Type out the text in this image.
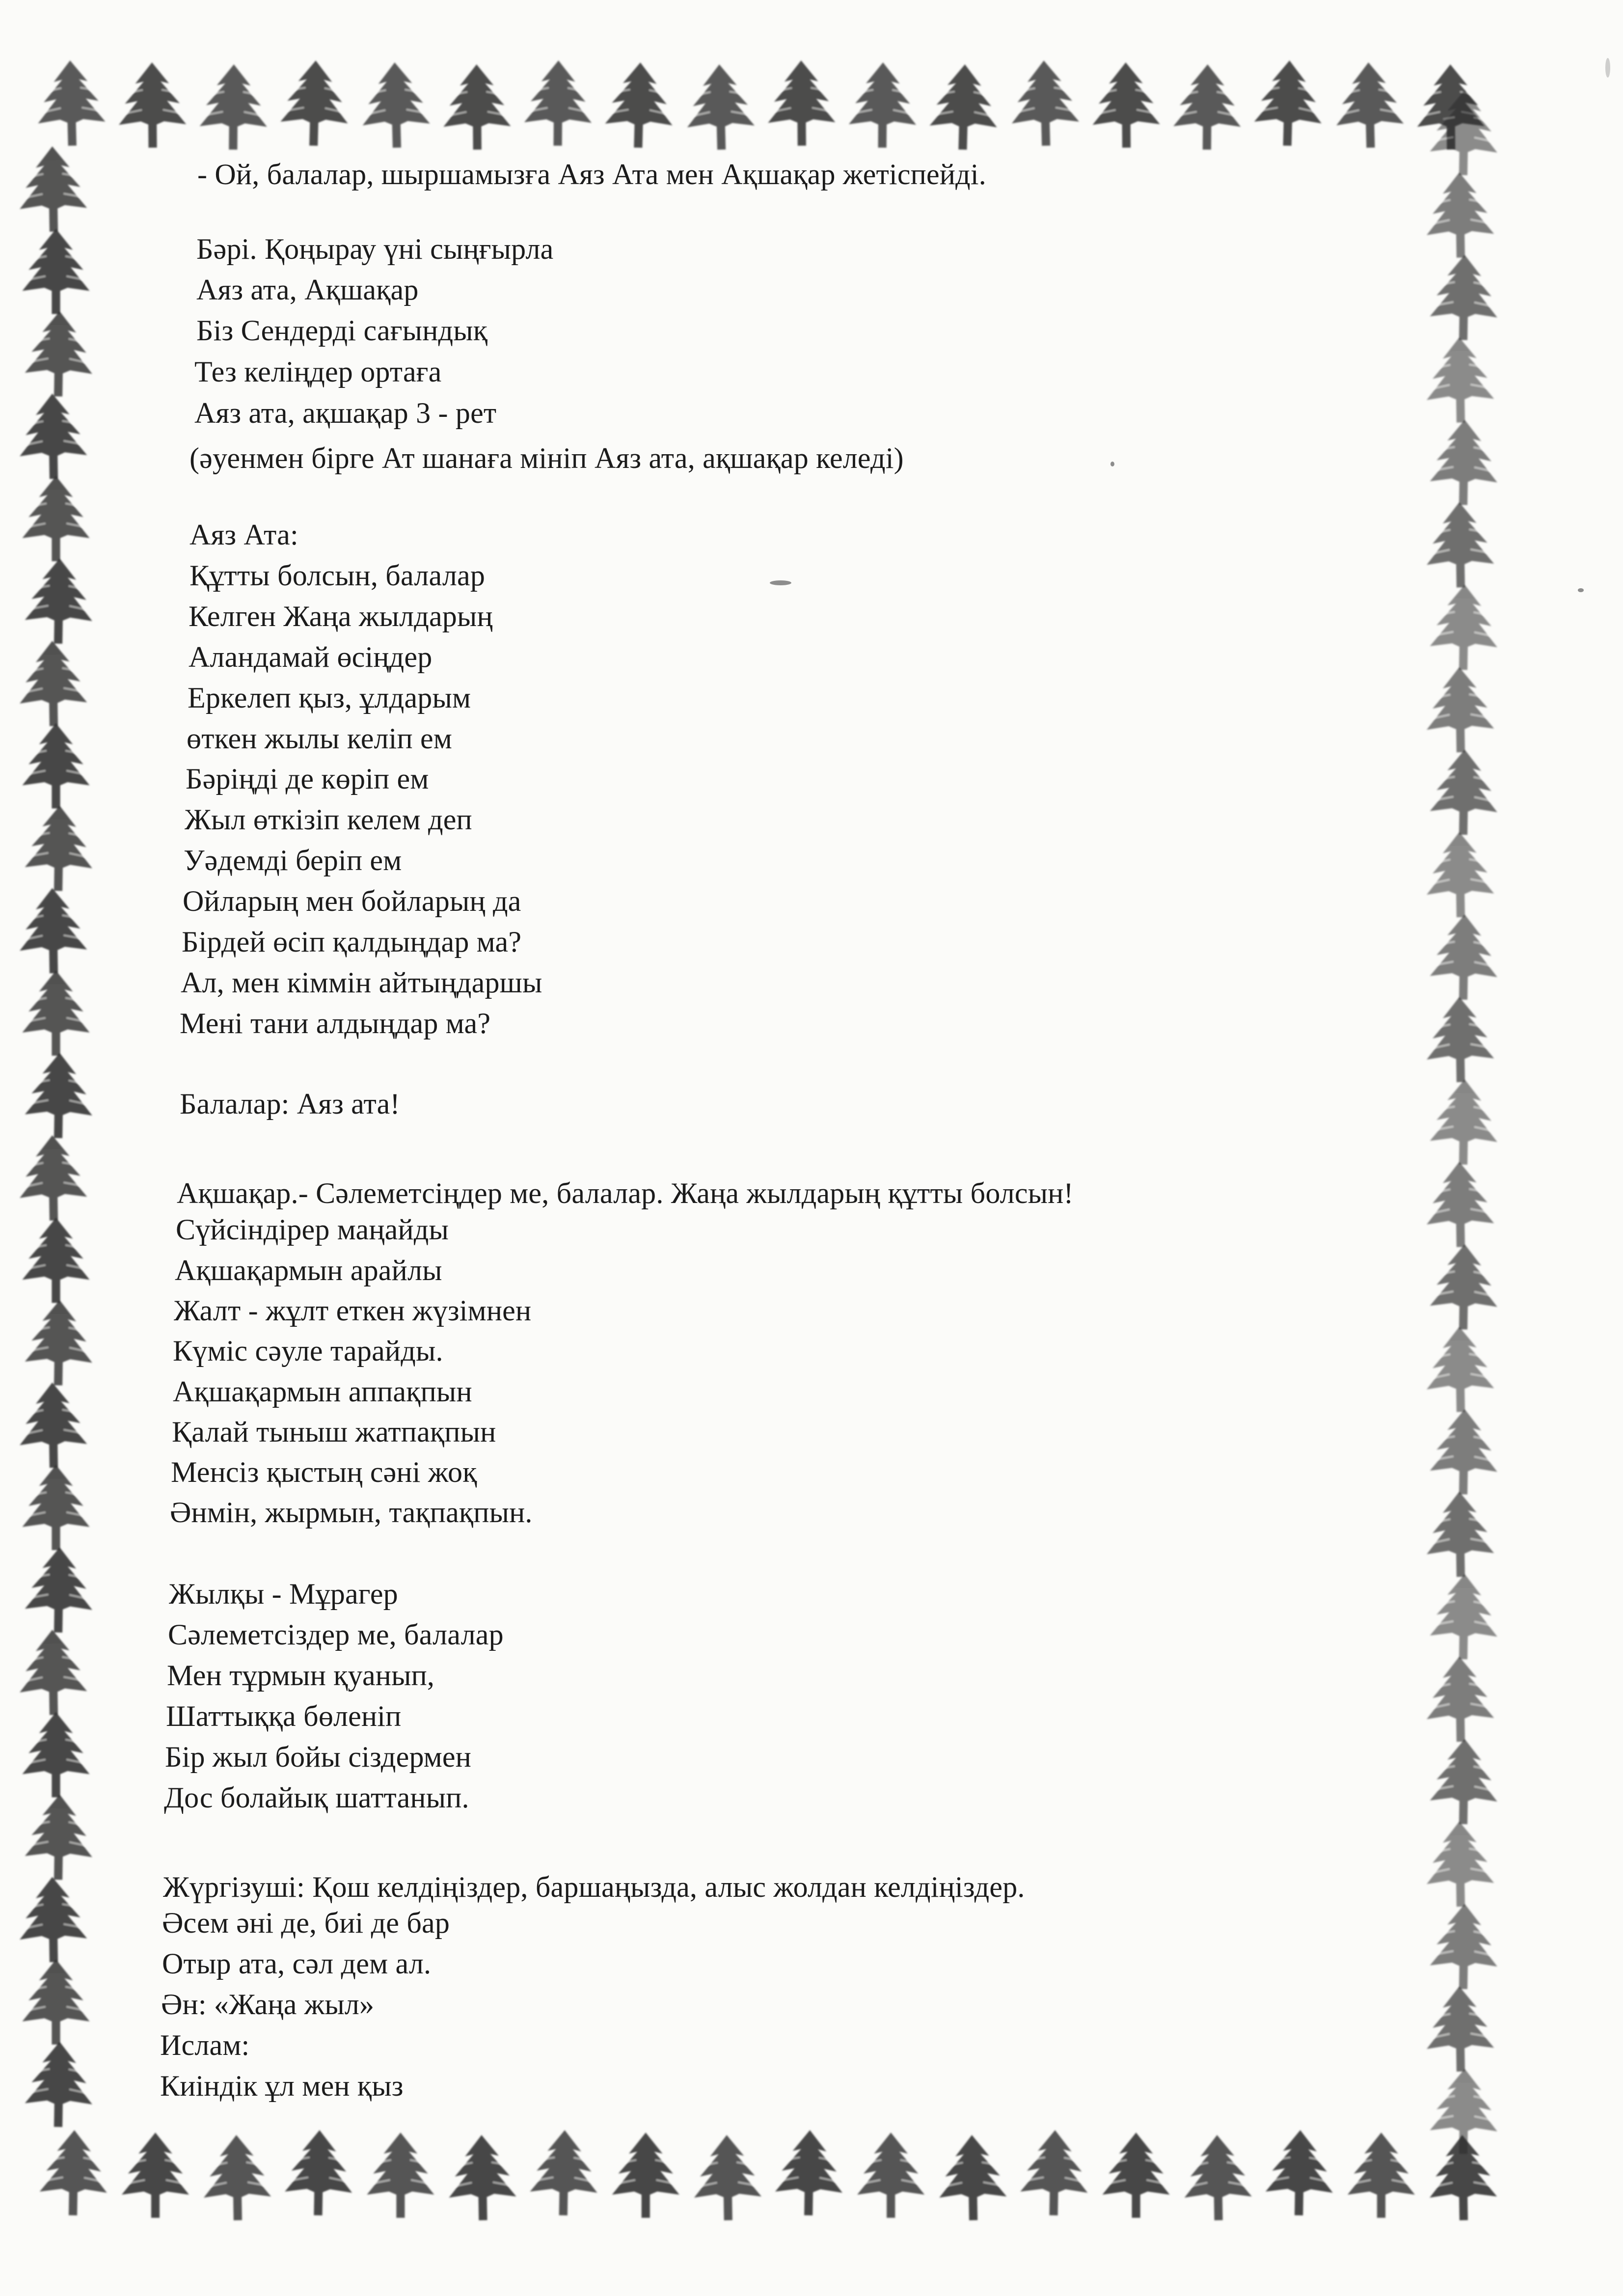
- Ой, балалар, шыршамызға Аяз Ата мен Ақшақар жетіспейді.
Бәрі. Қоңырау үні сыңғырла
Аяз ата, Ақшақар
Біз Сендерді сағындық
Тез келіңдер ортаға
Аяз ата, ақшақар 3 - рет
(әуенмен бірге Ат шанаға мініп Аяз ата, ақшақар келеді)
Аяз Ата:
Құтты болсын, балалар
Келген Жаңа жылдарың
Аландамай өсіңдер
Еркелеп қыз, ұлдарым
өткен жылы келіп ем
Бәріңді де көріп ем
Жыл өткізіп келем деп
Уәдемді беріп ем
Ойларың мен бойларың да
Бірдей өсіп қалдыңдар ма?
Ал, мен кіммін айтыңдаршы
Мені тани алдыңдар ма?
Балалар: Аяз ата!
Ақшақар.- Сәлеметсіңдер ме, балалар. Жаңа жылдарың құтты болсын!
Сүйсіндірер маңайды
Ақшақармын арайлы
Жалт - жұлт еткен жүзімнен
Күміс сәуле тарайды.
Ақшақармын аппақпын
Қалай тыныш жатпақпын
Менсіз қыстың сәні жоқ
Әнмін, жырмын, тақпақпын.
Жылқы - Мұрагер
Сәлеметсіздер ме, балалар
Мен тұрмын қуанып,
Шаттыққа бөленіп
Бір жыл бойы сіздермен
Дос болайық шаттанып.
Жүргізуші: Қош келдіңіздер, баршаңызда, алыс жолдан келдіңіздер.
Әсем әні де, биі де бар
Отыр ата, сәл дем ал.
Ән: «Жаңа жыл»
Ислам:
Киіндік ұл мен қыз
